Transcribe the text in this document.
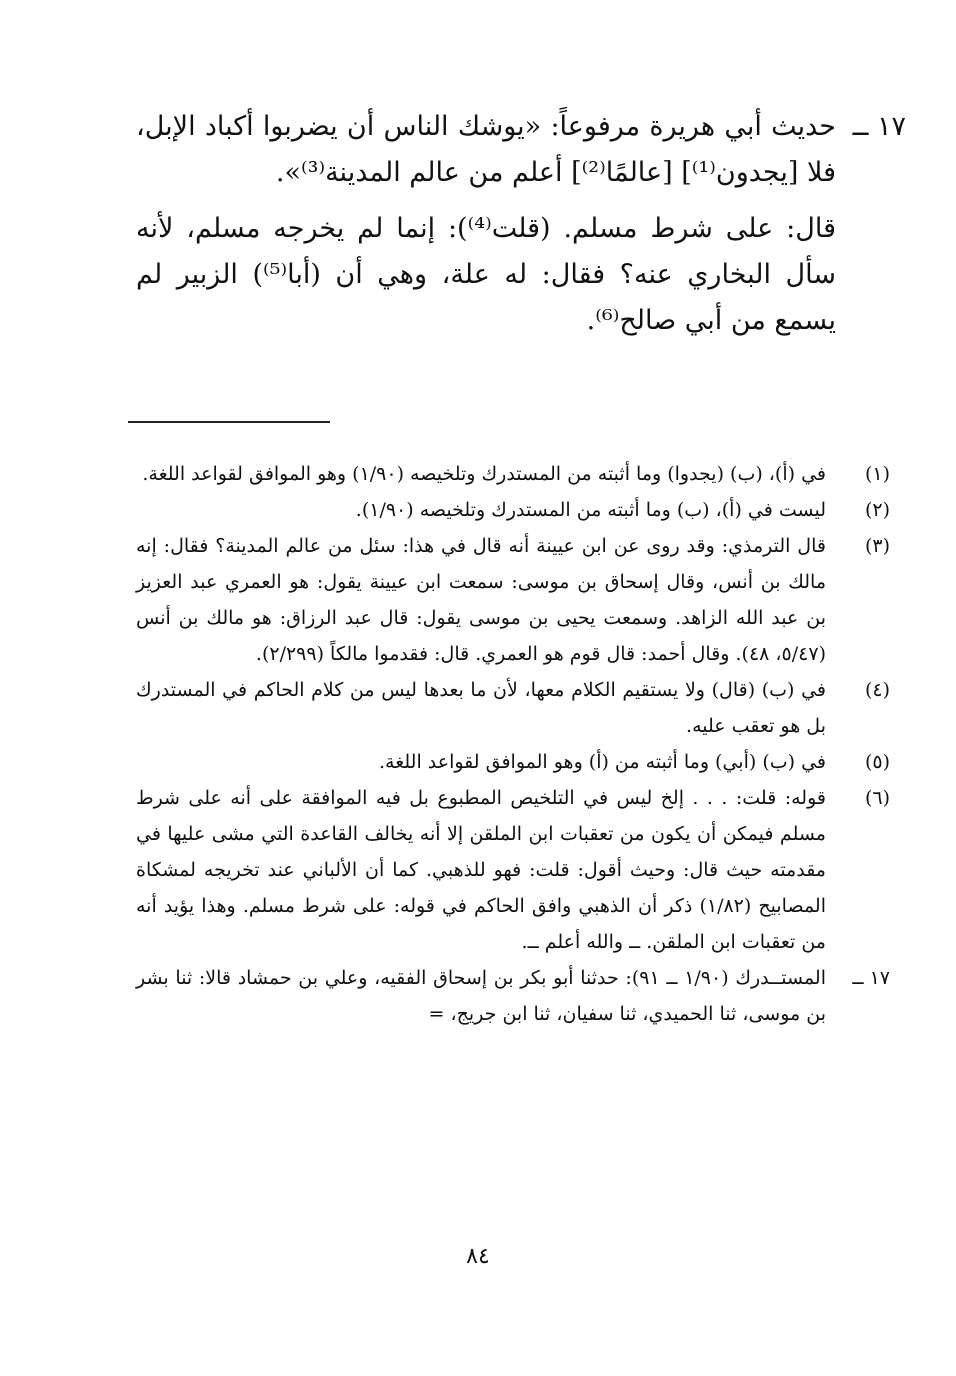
١٧ ــ

حديث أبي هريرة مرفوعاً: «يوشك الناس أن يضربوا أكباد الإبل، فلا [يجدون⁽¹⁾] [عالمًا⁽²⁾] أعلم من عالم المدينة⁽³⁾».

قال: على شرط مسلم. (قلت⁽⁴⁾): إنما لم يخرجه مسلم، لأنه سأل البخاري عنه؟ فقال: له علة، وهي أن (أبا⁽⁵⁾) الزبير لم يسمع من أبي صالح⁽⁶⁾.

(١)

في (أ)، (ب) (يجدوا) وما أثبته من المستدرك وتلخيصه (١/٩٠) وهو الموافق لقواعد اللغة.

(٢)

ليست في (أ)، (ب) وما أثبته من المستدرك وتلخيصه (١/٩٠).

(٣)

قال الترمذي: وقد روى عن ابن عيينة أنه قال في هذا: سئل من عالم المدينة؟ فقال: إنه مالك بن أنس، وقال إسحاق بن موسى: سمعت ابن عيينة يقول: هو العمري عبد العزيز بن عبد الله الزاهد. وسمعت يحيى بن موسى يقول: قال عبد الرزاق: هو مالك بن أنس (٥/٤٧، ٤٨). وقال أحمد: قال قوم هو العمري. قال: فقدموا مالكاً (٢/٢٩٩).

(٤)

في (ب) (قال) ولا يستقيم الكلام معها، لأن ما بعدها ليس من كلام الحاكم في المستدرك بل هو تعقب عليه.

(٥)

في (ب) (أبي) وما أثبته من (أ) وهو الموافق لقواعد اللغة.

(٦)

قوله: قلت: . . . إلخ ليس في التلخيص المطبوع بل فيه الموافقة على أنه على شرط مسلم فيمكن أن يكون من تعقبات ابن الملقن إلا أنه يخالف القاعدة التي مشى عليها في مقدمته حيث قال: وحيث أقول: قلت: فهو للذهبي. كما أن الألباني عند تخريجه لمشكاة المصابيح (١/٨٢) ذكر أن الذهبي وافق الحاكم في قوله: على شرط مسلم. وهذا يؤيد أنه من تعقبات ابن الملقن. ــ والله أعلم ــ.

١٧ ــ

المستــدرك (١/٩٠ ــ ٩١): حدثنا أبو بكر بن إسحاق الفقيه، وعلي بن حمشاد قالا: ثنا بشر بن موسى، ثنا الحميدي، ثنا سفيان، ثنا ابن جريج، =

٨٤
